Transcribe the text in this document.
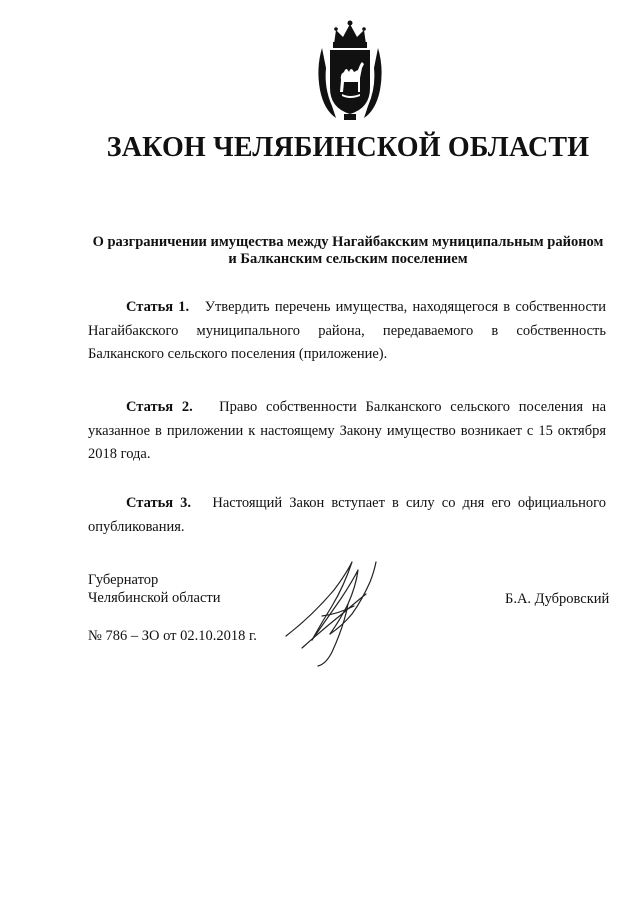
ЗАКОН ЧЕЛЯБИНСКОЙ ОБЛАСТИ
О разграничении имущества между Нагайбакским муниципальным районом
и Балканским сельским поселением
Статья 1. Утвердить перечень имущества, находящегося в собственности Нагайбакского муниципального района, передаваемого в собственность Балканского сельского поселения (приложение).
Статья 2. Право собственности Балканского сельского поселения на указанное в приложении к настоящему Закону имущество возникает с 15 октября 2018 года.
Статья 3. Настоящий Закон вступает в силу со дня его официального опубликования.
Губернатор
Челябинской области	Б.А. Дубровский
№ 786 – ЗО от 02.10.2018 г.
